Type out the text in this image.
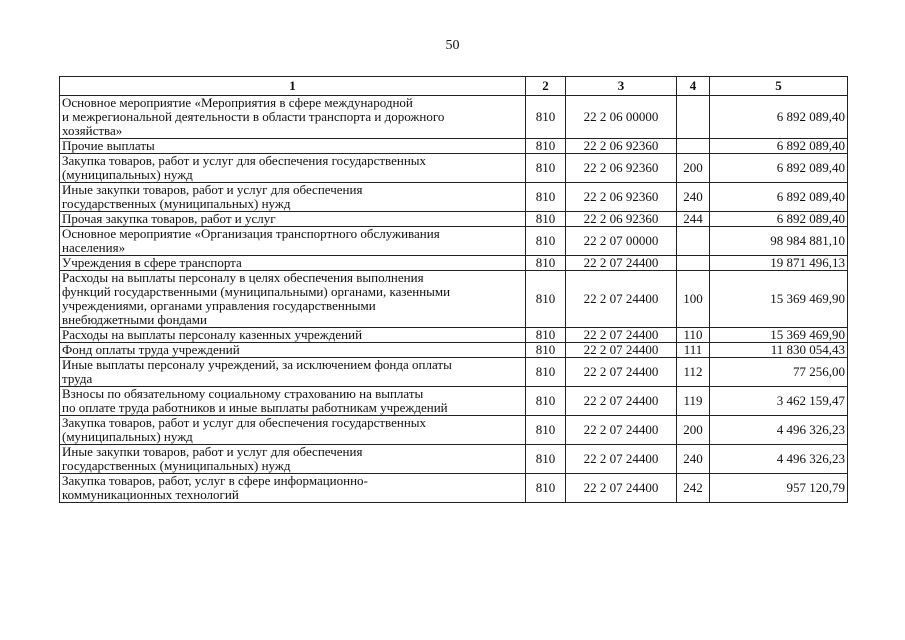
50
1	2	3	4	5
Основное мероприятие «Мероприятия в сфере международной
и межрегиональной деятельности в области транспорта и дорожного
хозяйства»	810	22 2 06 00000		6 892 089,40
Прочие выплаты	810	22 2 06 92360		6 892 089,40
Закупка товаров, работ и услуг для обеспечения государственных
(муниципальных) нужд	810	22 2 06 92360	200	6 892 089,40
Иные закупки товаров, работ и услуг для обеспечения
государственных (муниципальных) нужд	810	22 2 06 92360	240	6 892 089,40
Прочая закупка товаров, работ и услуг	810	22 2 06 92360	244	6 892 089,40
Основное мероприятие «Организация транспортного обслуживания
населения»	810	22 2 07 00000		98 984 881,10
Учреждения в сфере транспорта	810	22 2 07 24400		19 871 496,13
Расходы на выплаты персоналу в целях обеспечения выполнения
функций государственными (муниципальными) органами, казенными
учреждениями, органами управления государственными
внебюджетными фондами	810	22 2 07 24400	100	15 369 469,90
Расходы на выплаты персоналу казенных учреждений	810	22 2 07 24400	110	15 369 469,90
Фонд оплаты труда учреждений	810	22 2 07 24400	111	11 830 054,43
Иные выплаты персоналу учреждений, за исключением фонда оплаты
труда	810	22 2 07 24400	112	77 256,00
Взносы по обязательному социальному страхованию на выплаты
по оплате труда работников и иные выплаты работникам учреждений	810	22 2 07 24400	119	3 462 159,47
Закупка товаров, работ и услуг для обеспечения государственных
(муниципальных) нужд	810	22 2 07 24400	200	4 496 326,23
Иные закупки товаров, работ и услуг для обеспечения
государственных (муниципальных) нужд	810	22 2 07 24400	240	4 496 326,23
Закупка товаров, работ, услуг в сфере информационно-
коммуникационных технологий	810	22 2 07 24400	242	957 120,79
